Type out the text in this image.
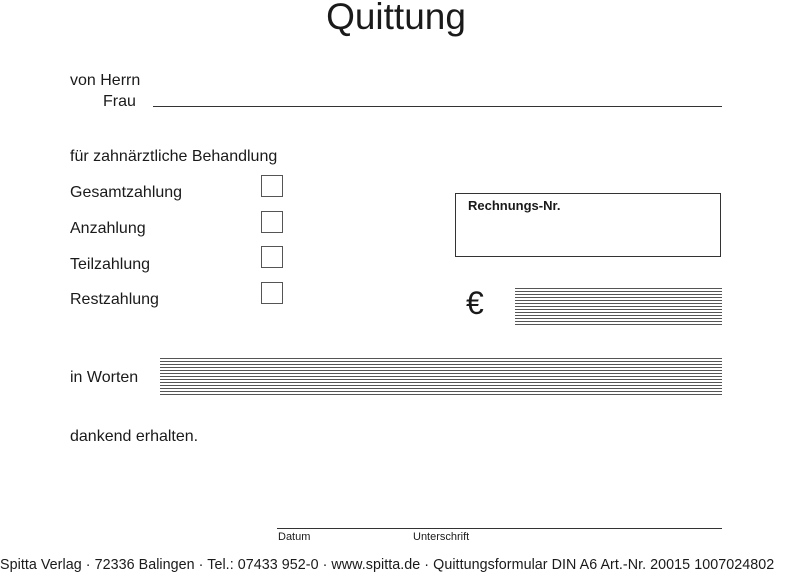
Quittung
von Herrn
Frau
für zahnärztliche Behandlung
Gesamtzahlung
Anzahlung
Teilzahlung
Restzahlung
Rechnungs-Nr.
€
in Worten
dankend erhalten.
Datum	Unterschrift
Spitta Verlag · 72336 Balingen · Tel.: 07433 952-0 · www.spitta.de · Quittungsformular DIN A6 Art.-Nr. 20015 1007024802
